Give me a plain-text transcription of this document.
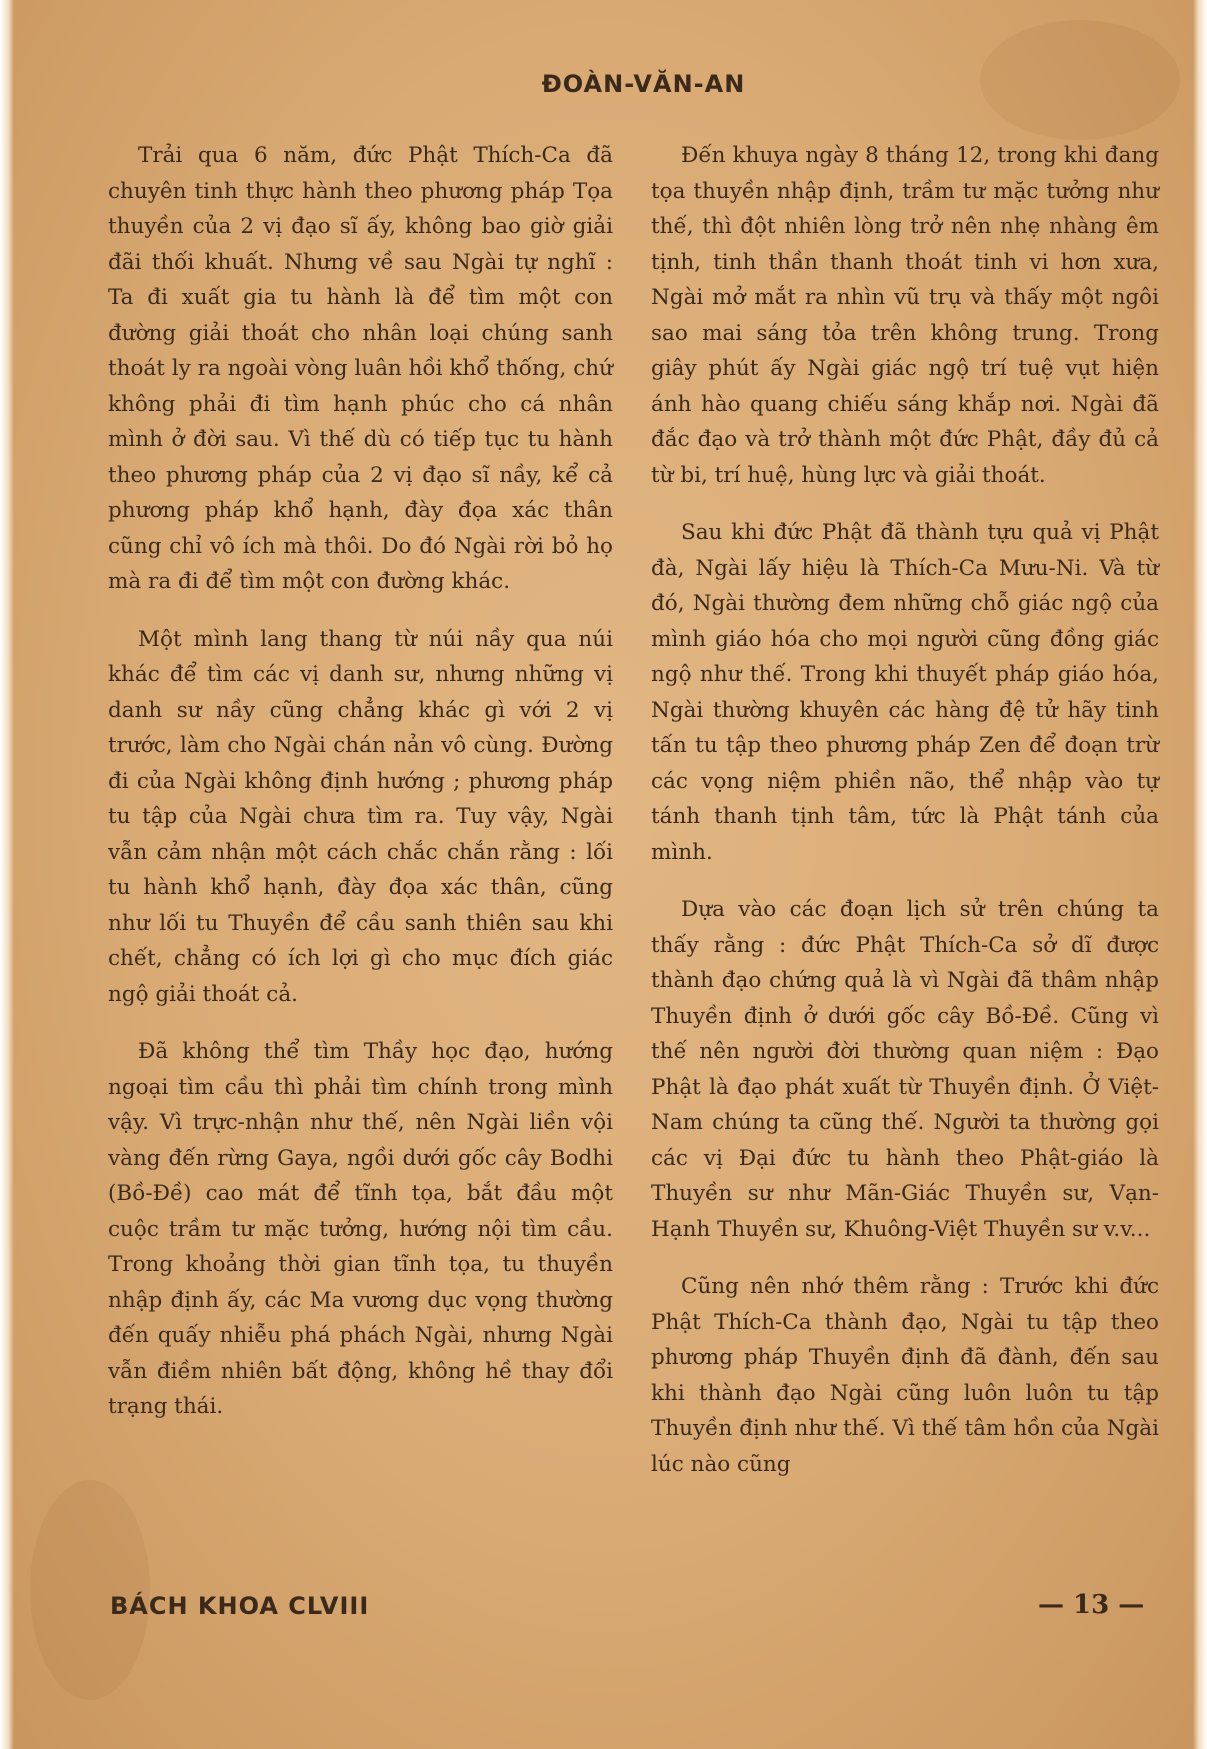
ĐOÀN-VĂN-AN

Trải qua 6 năm, đức Phật Thích-Ca đã chuyên tinh thực hành theo phương pháp Tọa thuyền của 2 vị đạo sĩ ấy, không bao giờ giải đãi thối khuất. Nhưng về sau Ngài tự nghĩ : Ta đi xuất gia tu hành là để tìm một con đường giải thoát cho nhân loại chúng sanh thoát ly ra ngoài vòng luân hồi khổ thống, chứ không phải đi tìm hạnh phúc cho cá nhân mình ở đời sau. Vì thế dù có tiếp tục tu hành theo phương pháp của 2 vị đạo sĩ nầy, kể cả phương pháp khổ hạnh, đày đọa xác thân cũng chỉ vô ích mà thôi. Do đó Ngài rời bỏ họ mà ra đi để tìm một con đường khác.

Một mình lang thang từ núi nầy qua núi khác để tìm các vị danh sư, nhưng những vị danh sư nầy cũng chẳng khác gì với 2 vị trước, làm cho Ngài chán nản vô cùng. Đường đi của Ngài không định hướng ; phương pháp tu tập của Ngài chưa tìm ra. Tuy vậy, Ngài vẫn cảm nhận một cách chắc chắn rằng : lối tu hành khổ hạnh, đày đọa xác thân, cũng như lối tu Thuyền để cầu sanh thiên sau khi chết, chẳng có ích lợi gì cho mục đích giác ngộ giải thoát cả.

Đã không thể tìm Thầy học đạo, hướng ngoại tìm cầu thì phải tìm chính trong mình vậy. Vì trực-nhận như thế, nên Ngài liền vội vàng đến rừng Gaya, ngồi dưới gốc cây Bodhi (Bồ-Đề) cao mát để tĩnh tọa, bắt đầu một cuộc trầm tư mặc tưởng, hướng nội tìm cầu. Trong khoảng thời gian tĩnh tọa, tu thuyền nhập định ấy, các Ma vương dục vọng thường đến quấy nhiễu phá phách Ngài, nhưng Ngài vẫn điềm nhiên bất động, không hề thay đổi trạng thái.

Đến khuya ngày 8 tháng 12, trong khi đang tọa thuyền nhập định, trầm tư mặc tưởng như thế, thì đột nhiên lòng trở nên nhẹ nhàng êm tịnh, tinh thần thanh thoát tinh vi hơn xưa, Ngài mở mắt ra nhìn vũ trụ và thấy một ngôi sao mai sáng tỏa trên không trung. Trong giây phút ấy Ngài giác ngộ trí tuệ vụt hiện ánh hào quang chiếu sáng khắp nơi. Ngài đã đắc đạo và trở thành một đức Phật, đầy đủ cả từ bi, trí huệ, hùng lực và giải thoát.

Sau khi đức Phật đã thành tựu quả vị Phật đà, Ngài lấy hiệu là Thích-Ca Mưu-Ni. Và từ đó, Ngài thường đem những chỗ giác ngộ của mình giáo hóa cho mọi người cũng đồng giác ngộ như thế. Trong khi thuyết pháp giáo hóa, Ngài thường khuyên các hàng đệ tử hãy tinh tấn tu tập theo phương pháp Zen để đoạn trừ các vọng niệm phiền não, thể nhập vào tự tánh thanh tịnh tâm, tức là Phật tánh của mình.

Dựa vào các đoạn lịch sử trên chúng ta thấy rằng : đức Phật Thích-Ca sở dĩ được thành đạo chứng quả là vì Ngài đã thâm nhập Thuyền định ở dưới gốc cây Bồ-Đề. Cũng vì thế nên người đời thường quan niệm : Đạo Phật là đạo phát xuất từ Thuyền định. Ở Việt-Nam chúng ta cũng thế. Người ta thường gọi các vị Đại đức tu hành theo Phật-giáo là Thuyền sư như Mãn-Giác Thuyền sư, Vạn-Hạnh Thuyền sư, Khuông-Việt Thuyền sư v.v...

Cũng nên nhớ thêm rằng : Trước khi đức Phật Thích-Ca thành đạo, Ngài tu tập theo phương pháp Thuyền định đã đành, đến sau khi thành đạo Ngài cũng luôn luôn tu tập Thuyền định như thế. Vì thế tâm hồn của Ngài lúc nào cũng

BÁCH KHOA CLVIII	— 13 —
